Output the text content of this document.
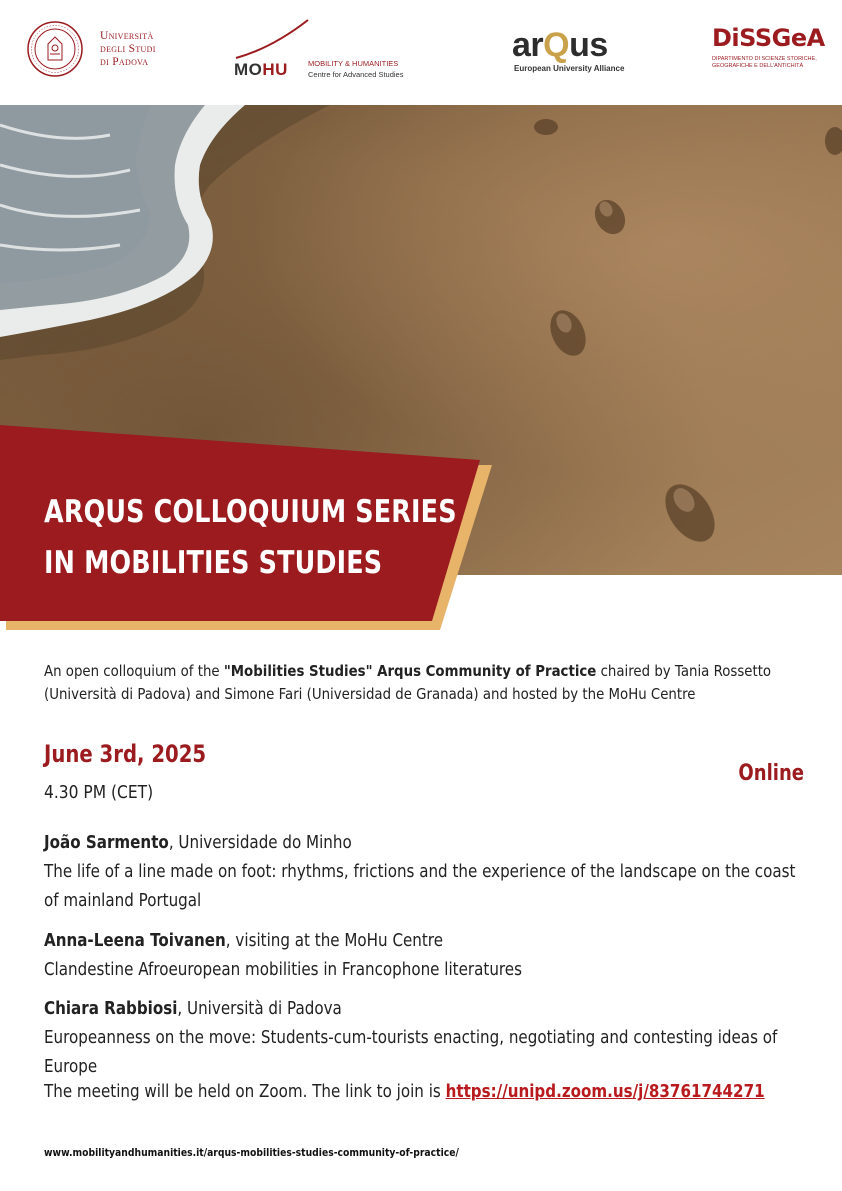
Università
degli Studi
di Padova	MOHU	MOBILITY & HUMANITIES
Centre for Advanced Studies
arQus
European University Alliance
DiSSGeA
DIPARTIMENTO DI SCIENZE STORICHE, GEOGRAFICHE E DELL'ANTICHITÀ
ARQUS COLLOQUIUM SERIES
IN MOBILITIES STUDIES
An open colloquium of the "Mobilities Studies" Arqus Community of Practice chaired by Tania Rossetto (Università di Padova) and Simone Fari (Universidad de Granada) and hosted by the MoHu Centre
June 3rd, 2025
4.30 PM (CET)
Online
João Sarmento, Universidade do Minho
The life of a line made on foot: rhythms, frictions and the experience of the landscape on the coast of mainland Portugal
Anna-Leena Toivanen, visiting at the MoHu Centre
Clandestine Afroeuropean mobilities in Francophone literatures
Chiara Rabbiosi, Università di Padova
Europeanness on the move: Students-cum-tourists enacting, negotiating and contesting ideas of Europe
The meeting will be held on Zoom. The link to join is https://unipd.zoom.us/j/83761744271
www.mobilityandhumanities.it/arqus-mobilities-studies-community-of-practice/
